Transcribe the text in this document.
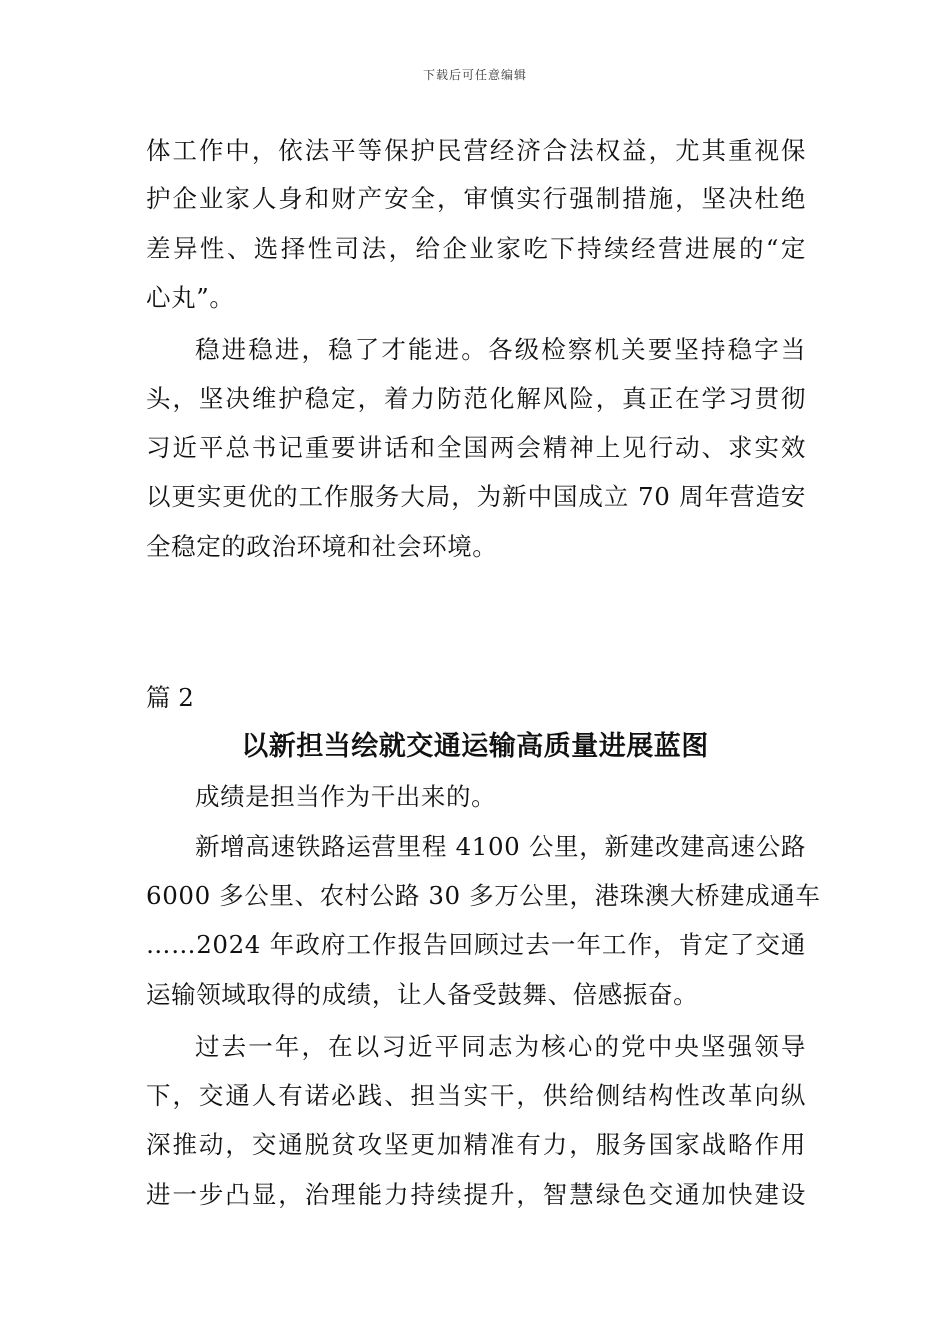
下载后可任意编辑
体工作中，依法平等保护民营经济合法权益，尤其重视保
护企业家人身和财产安全，审慎实行强制措施，坚决杜绝
差异性、选择性司法，给企业家吃下持续经营进展的“定
心丸”。
稳进稳进，稳了才能进。各级检察机关要坚持稳字当
头，坚决维护稳定，着力防范化解风险，真正在学习贯彻
习近平总书记重要讲话和全国两会精神上见行动、求实效
以更实更优的工作服务大局，为新中国成立 70 周年营造安
全稳定的政治环境和社会环境。
篇 2
以新担当绘就交通运输高质量进展蓝图
成绩是担当作为干出来的。
新增高速铁路运营里程 4100 公里，新建改建高速公路
6000 多公里、农村公路 30 多万公里，港珠澳大桥建成通车
……2024 年政府工作报告回顾过去一年工作，肯定了交通
运输领域取得的成绩，让人备受鼓舞、倍感振奋。
过去一年，在以习近平同志为核心的党中央坚强领导
下，交通人有诺必践、担当实干，供给侧结构性改革向纵
深推动，交通脱贫攻坚更加精准有力，服务国家战略作用
进一步凸显，治理能力持续提升，智慧绿色交通加快建设
